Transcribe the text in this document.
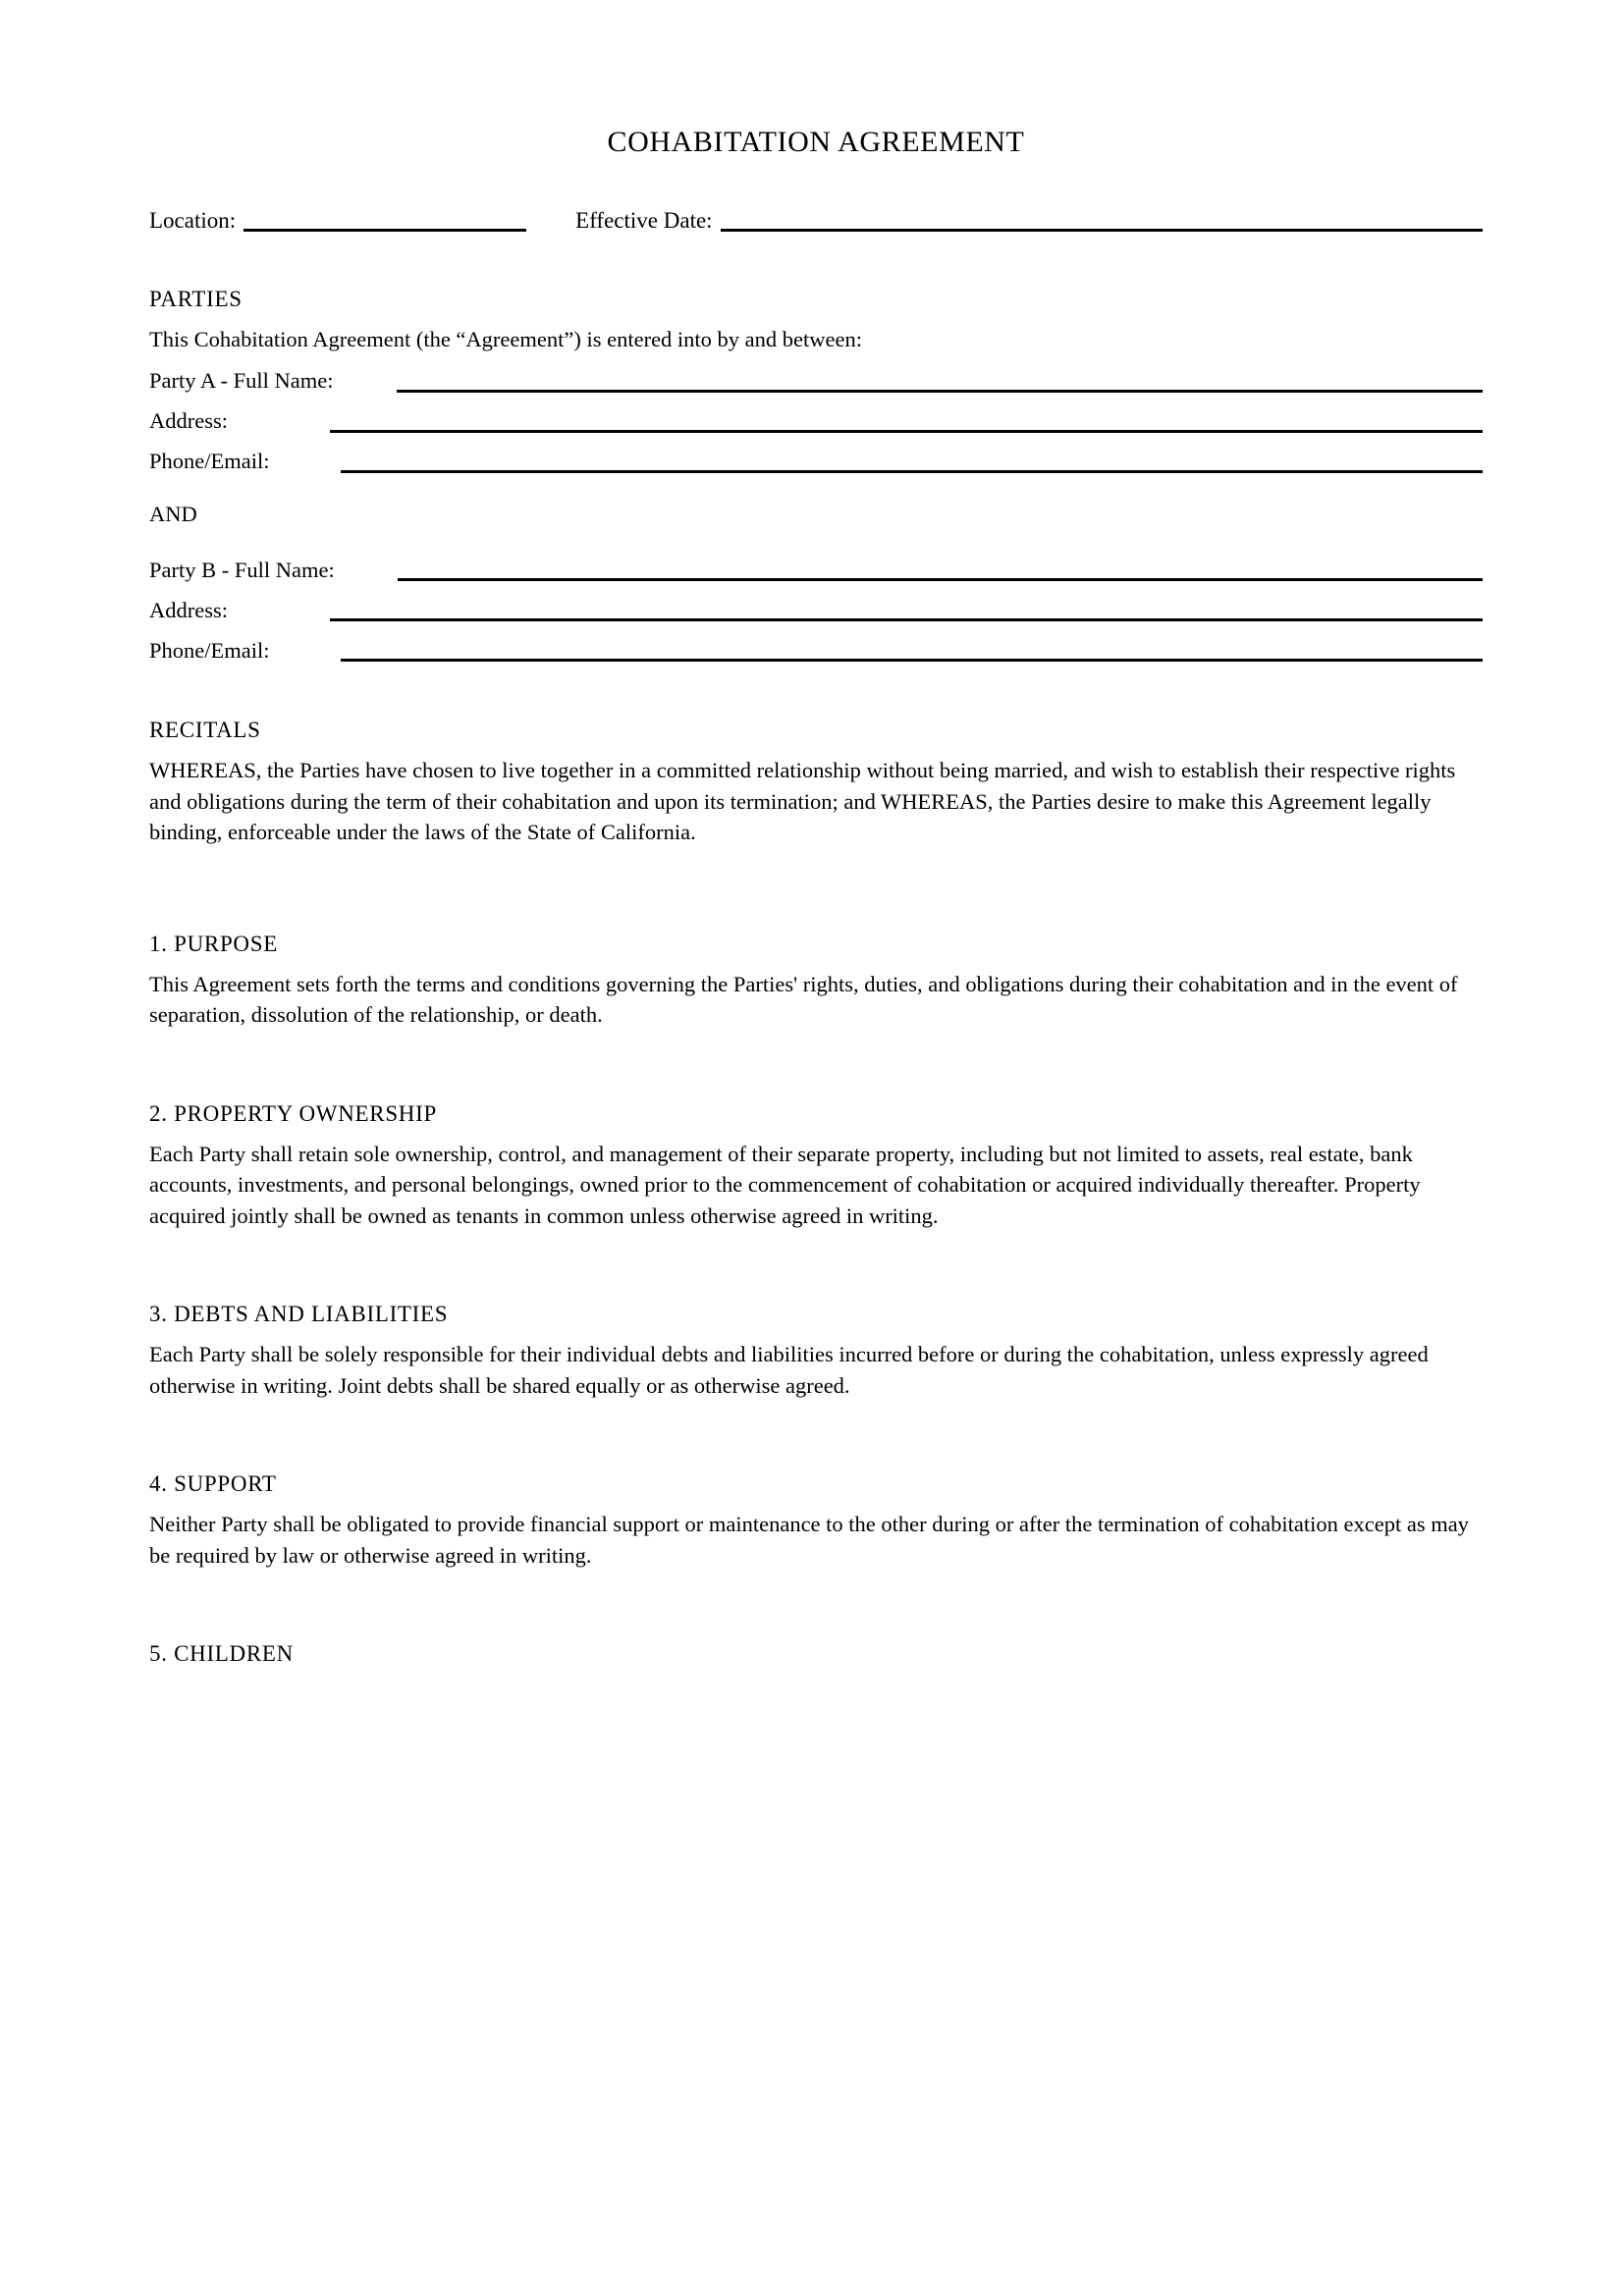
COHABITATION AGREEMENT
Location:	Effective Date:
PARTIES

This Cohabitation Agreement (the “Agreement”) is entered into by and between:

Party A - Full Name:
Address:
Phone/Email:
AND
Party B - Full Name:
Address:
Phone/Email:
RECITALS

WHEREAS, the Parties have chosen to live together in a committed relationship without being married, and wish to establish their respective rights and obligations during the term of their cohabitation and upon its termination; and WHEREAS, the Parties desire to make this Agreement legally binding, enforceable under the laws of the State of California.

1. PURPOSE

This Agreement sets forth the terms and conditions governing the Parties' rights, duties, and obligations during their cohabitation and in the event of separation, dissolution of the relationship, or death.

2. PROPERTY OWNERSHIP

Each Party shall retain sole ownership, control, and management of their separate property, including but not limited to assets, real estate, bank accounts, investments, and personal belongings, owned prior to the commencement of cohabitation or acquired individually thereafter. Property acquired jointly shall be owned as tenants in common unless otherwise agreed in writing.

3. DEBTS AND LIABILITIES

Each Party shall be solely responsible for their individual debts and liabilities incurred before or during the cohabitation, unless expressly agreed otherwise in writing. Joint debts shall be shared equally or as otherwise agreed.

4. SUPPORT

Neither Party shall be obligated to provide financial support or maintenance to the other during or after the termination of cohabitation except as may be required by law or otherwise agreed in writing.

5. CHILDREN
